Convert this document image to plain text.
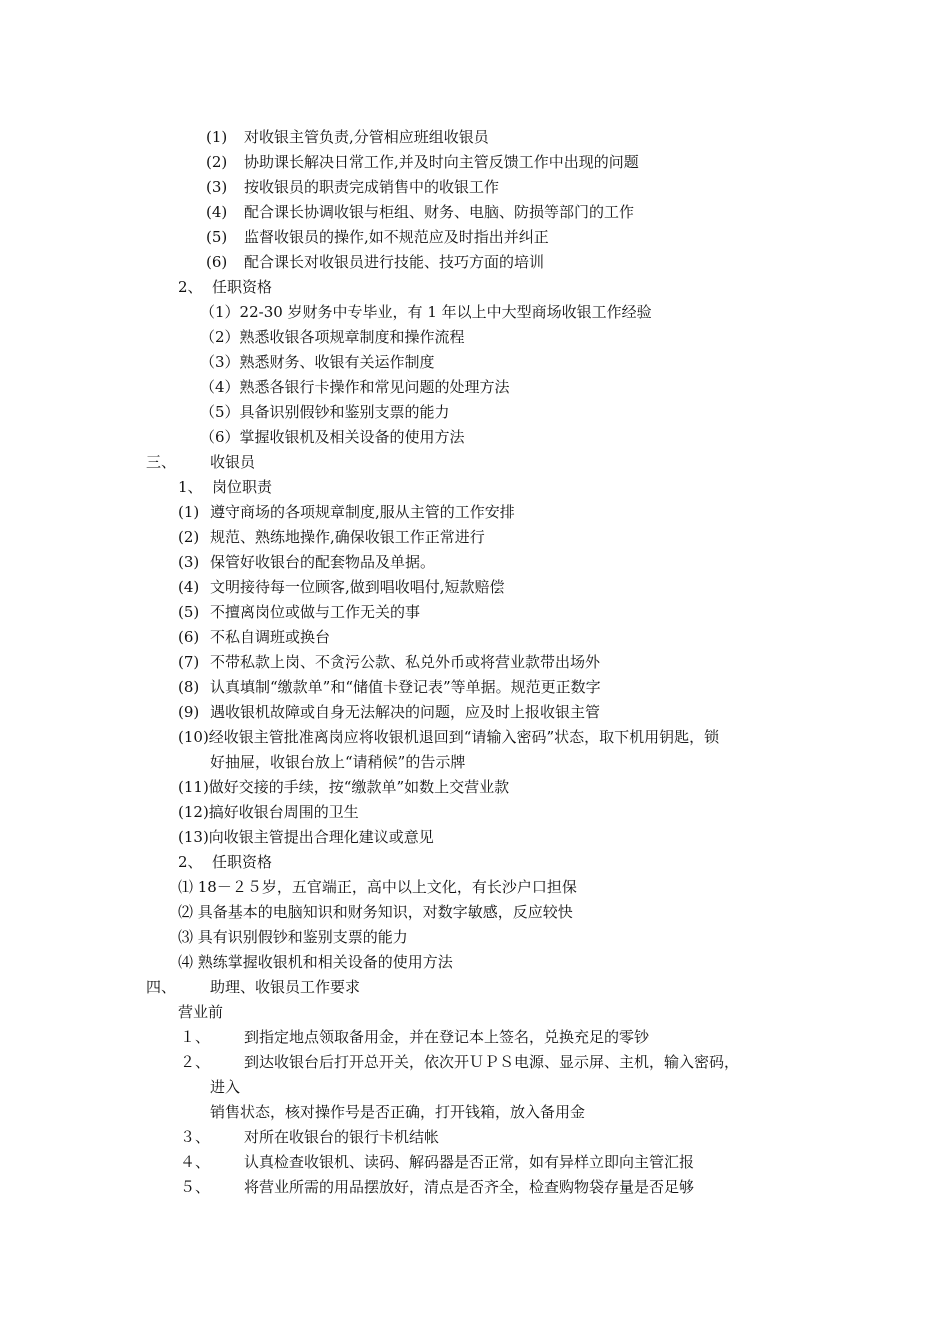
(1) 对收银主管负责,分管相应班组收银员
(2) 协助课长解决日常工作,并及时向主管反馈工作中出现的问题
(3) 按收银员的职责完成销售中的收银工作
(4) 配合课长协调收银与柜组、财务、电脑、防损等部门的工作
(5) 监督收银员的操作,如不规范应及时指出并纠正
(6) 配合课长对收银员进行技能、技巧方面的培训
2、 任职资格
（1）22-30 岁财务中专毕业，有 1 年以上中大型商场收银工作经验
（2）熟悉收银各项规章制度和操作流程
（3）熟悉财务、收银有关运作制度
（4）熟悉各银行卡操作和常见问题的处理方法
（5）具备识别假钞和鉴别支票的能力
（6）掌握收银机及相关设备的使用方法
三、 收银员
1、 岗位职责
(1) 遵守商场的各项规章制度,服从主管的工作安排
(2) 规范、熟练地操作,确保收银工作正常进行
(3) 保管好收银台的配套物品及单据。
(4) 文明接待每一位顾客,做到唱收唱付,短款赔偿
(5) 不擅离岗位或做与工作无关的事
(6) 不私自调班或换台
(7) 不带私款上岗、不贪污公款、私兑外币或将营业款带出场外
(8) 认真填制“缴款单”和“储值卡登记表”等单据。规范更正数字
(9) 遇收银机故障或自身无法解决的问题，应及时上报收银主管
(10)经收银主管批准离岗应将收银机退回到“请输入密码”状态，取下机用钥匙，锁
好抽屉，收银台放上“请稍候”的告示牌
(11)做好交接的手续，按“缴款单”如数上交营业款
(12)搞好收银台周围的卫生
(13)向收银主管提出合理化建议或意见
2、 任职资格
⑴ 18－２５岁，五官端正，高中以上文化，有长沙户口担保
⑵ 具备基本的电脑知识和财务知识，对数字敏感，反应较快
⑶ 具有识别假钞和鉴别支票的能力
⑷ 熟练掌握收银机和相关设备的使用方法
四、 助理、收银员工作要求
营业前
１、 到指定地点领取备用金，并在登记本上签名，兑换充足的零钞
２、 到达收银台后打开总开关，依次开ＵＰＳ电源、显示屏、主机，输入密码，
进入
销售状态，核对操作号是否正确，打开钱箱，放入备用金
３、 对所在收银台的银行卡机结帐
４、 认真检查收银机、读码、解码器是否正常，如有异样立即向主管汇报
５、 将营业所需的用品摆放好，清点是否齐全，检查购物袋存量是否足够
